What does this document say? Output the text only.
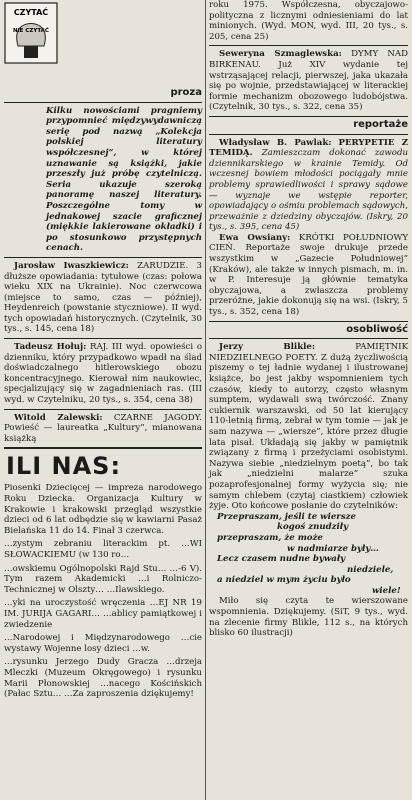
proza

Kilku nowościami pragniemy przypomnieć międzywydawniczą serię pod nazwą „Kolekcja polskiej literatury współczesnej”, w której uznawanie są książki, jakie przeszły już próbę czytelniczą. Seria ukazuje szeroką panoramę naszej literatury. Poszczególne tomy w jednakowej szacie graficznej (miękkie lakierowane okładki) i po stosunkowo przystępnych cenach.

Jarosław Iwaszkiewicz: ZARUDZIE. 3 dłuższe opowiadania: tytułowe (czas: połowa wieku XIX na Ukrainie). Noc czerwcowa (miejsce to samo, czas — później), Heydenreich (powstanie styczniowe). II wyd. tych opowiadań historycznych. (Czytelnik, 30 tys., s. 145, cena 18)

Tadeusz Hołuj: RAJ. III wyd. opowieści o dzienniku, który przypadkowo wpadł na ślad doświadczalnego hitlerowskiego obozu koncentracyjnego. Kierował nim naukowiec, specjalizujący się w zagadnieniach ras. (III wyd. w Czytelniku, 20 tys., s. 354, cena 38)

Witold Zalewski: CZARNE JAGODY. Powieść — laureatka „Kultury”, mianowana książką

ILI NAS:

Piosenki Dziecięcej — impreza narodowego Roku Dziecka. Organizacja Kultury w Krakowie i krakowski przegląd wszystkie dzieci od 6 lat odbędzie się w kawiarni Pasaż Bielańska 11 do 14. Finał 3 czerwca.

…zystym zebraniu literackim pt. …WI SŁOWACKIEMU (w 130 ro…

…owskiemu Ogólnopolski Rajd Stu… …-6 V). Tym razem Akademicki …i Rolniczo-Technicznej w Olszty… …Ilawskiego.

…yki na uroczystość wręczenia …EJ NR 19 IM. JURIJA GAGARI… …ablicy pamiątkowej i zwiedzenie

…Narodowej i Międzynarodowego …cie wystawy Wojenne losy dzieci …w.

…rysunku Jerzego Dudy Gracza …drzeja Mleczki (Muzeum Okręgowego) i rysunku Marii Płonowskiej …nacego Kościńskich (Pałac Sztu… …Za zaproszenia dziękujemy!

CZYTAĆ
NIE CZYTAĆ

roku 1975. Współczesna, obyczajowo-polityczna z licznymi odniesieniami do lat minionych. (Wyd. MON, wyd. III, 20 tys., s. 205, cena 25)

Seweryna Szmaglewska: DYMY NAD BIRKENAU. Już XIV wydanie tej wstrząsającej relacji, pierwszej, jaka ukazała się po wojnie, przedstawiającej w literackiej formie mechanizm obozowego ludobójstwa. (Czytelnik, 30 tys., s. 322, cena 35)

reportaże

Władysław B. Pawlak: PERYPETIE Z TEMIDĄ. Zamieszczam dokonać zawodu dziennikarskiego w krainie Temidy. Od wczesnej bowiem młodości pociągały mnie problemy sprawiedliwości i sprawy sądowe — wyznaje we wstępie reporter, opowiadający o ośmiu problemach sądowych, przeważnie z dziedziny obyczajów. (Iskry, 20 tys., s. 395, cena 45)

Ewa Owsiany: KRÓTKI POŁUDNIOWY CIEŃ. Reportaże swoje drukuje przede wszystkim w „Gazecie Południowej” (Kraków), ale także w innych pismach, m. in. w P. Interesuje ją głównie tematyka obyczajowa, a zwłaszcza problemy przeróżne, jakie dokonują się na wsi. (Iskry, 5 tys., s. 352, cena 18)

osobliwość

Jerzy Blikle:	PAMIĘTNIK NIEDZIELNEGO POETY. Z dużą życzliwością piszemy o tej ładnie wydanej i ilustrowanej książce, bo jest jakby wspomnieniem tych czasów, kiedy to autorzy, często własnym sumptem, wydawali swą twórczość. Znany cukiernik warszawski, od 50 lat kierujący 110-letnią firmą, zebrał w tym tomie — jak je sam nazywa — „wiersze”, które przez długie lata pisał. Układają się jakby w pamiętnik związany z firmą i przeżyciami osobistymi. Nazywa siebie „niedzielnym poetą”, bo tak jak „niedzielni malarze” szuka pozaprofesjonalnej formy wyżycia się; nie samym chlebem (czytaj ciastkiem) człowiek żyje. Oto końcowe posłanie do czytelników:

Przepraszam, jeśli te wiersze
kogoś znudziły
przepraszam, że może
w nadmiarze były…
Lecz czasem nudne bywały
niedziele,
a niedziel w mym życiu było
wiele!

Miło się czyta te wierszowane wspomnienia. Dziękujemy. (SiT, 9 tys., wyd. na zlecenie firmy Blikle, 112 s., na których blisko 60 ilustracji)
